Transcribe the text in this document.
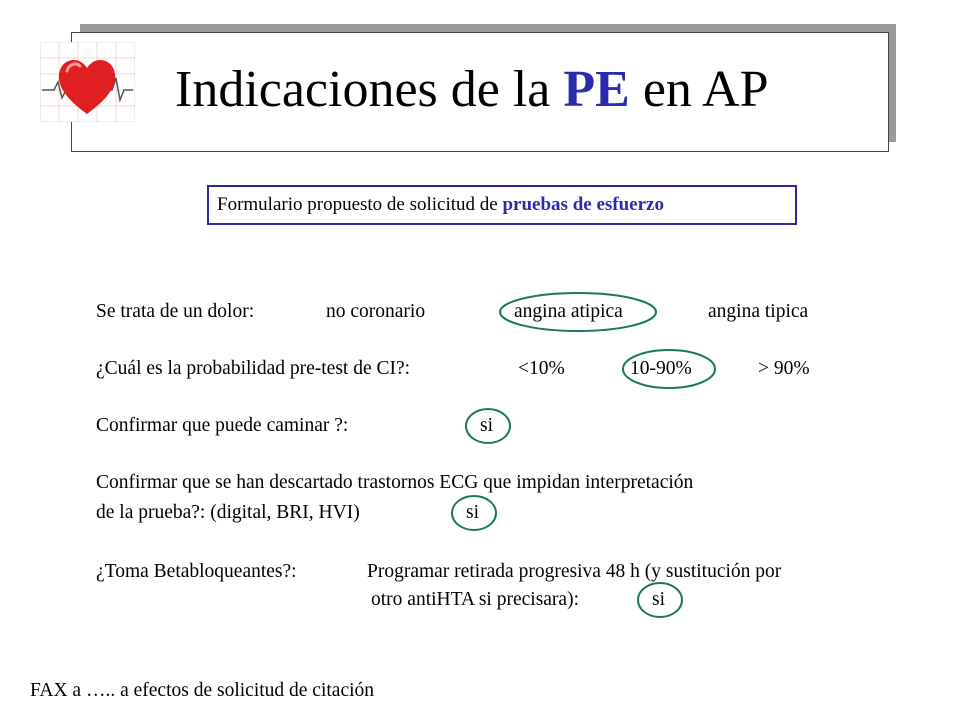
Indicaciones de la PE en AP
Formulario propuesto de solicitud de pruebas de esfuerzo
Se trata de un dolor:	no coronario	angina atipica	angina tipica
¿Cuál es la probabilidad pre-test de CI?:	<10%	10-90%	> 90%
Confirmar que puede caminar ?:	si
Confirmar que se han descartado trastornos ECG que impidan interpretación
de la prueba?: (digital, BRI, HVI)	si
¿Toma Betabloqueantes?:	Programar retirada progresiva 48 h (y sustitución por
otro antiHTA si precisara):	si
FAX a ….. a efectos de solicitud de citación
